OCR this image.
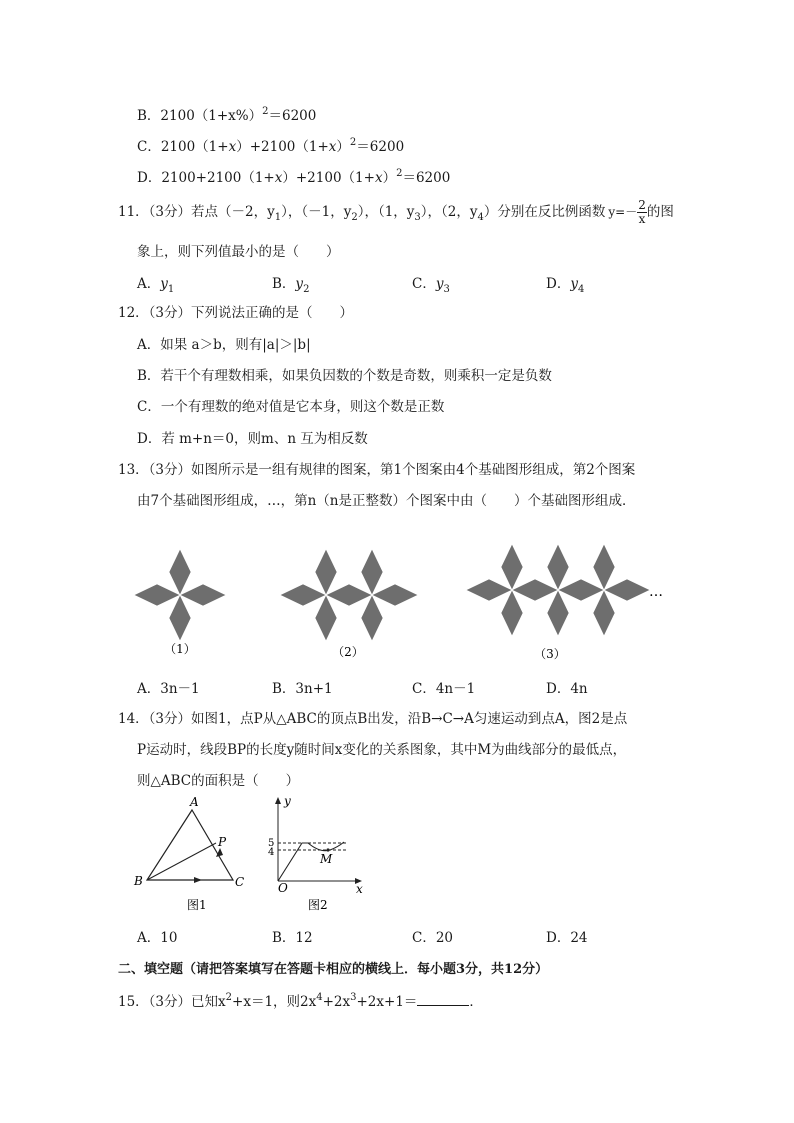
B．$2100(1+x\%)^2=6200$
C．$2100(1+x)+2100(1+x)^2=6200$
D．$2100+2100(1+x)+2100(1+x)^2=6200$
11．（3分）若点（－2，$y_1$），（－1，$y_2$），（1，$y_3$），（2，$y_4$）分别在反比例函数 $y=- \frac{2}{x}$ 的图
象上，则下列值最小的是（　　）
A．$y_1$	B．$y_2$	C．$y_3$	D．$y_4$
12．（3分）下列说法正确的是（　　）
A．如果 a＞b，则有|a|＞|b|
B．若干个有理数相乘，如果负因数的个数是奇数，则乘积一定是负数
C．一个有理数的绝对值是它本身，则这个数是正数
D．若 m+n＝0，则m、n 互为相反数
13．（3分）如图所示是一组有规律的图案，第1个图案由4个基础图形组成，第2个图案
由7个基础图形组成，…，第n（n是正整数）个图案中由（　　）个基础图形组成．
（1）	（2）	（3）
…
A．3n－1	B．3n+1	C．4n－1	D．4n
14．（3分）如图1，点P从△ABC的顶点B出发，沿B→C→A匀速运动到点A，图2是点
P运动时，线段BP的长度y随时间x变化的关系图象，其中M为曲线部分的最低点，
则△ABC的面积是（　　）
A
P
B	C
图1
y
x
O
M
5
4
图2
A．10	B．12	C．20	D．24
二、填空题（请把答案填写在答题卡相应的横线上．每小题3分，共12分）
15．（3分）已知$x^2+x=1$，则$2x^4+2x^3+2x+1=$	．
